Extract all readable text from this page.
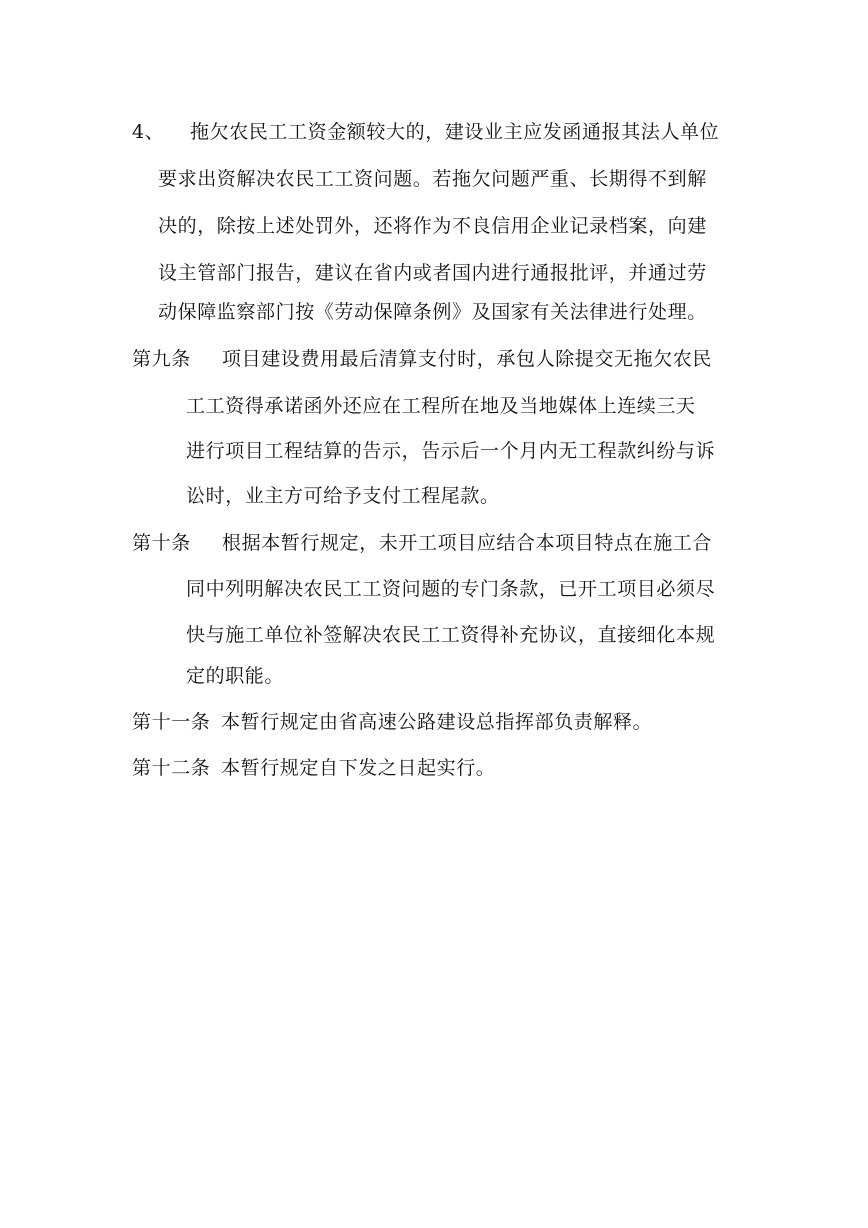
4、 拖欠农民工工资金额较大的，建设业主应发函通报其法人单位
要求出资解决农民工工资问题。若拖欠问题严重、长期得不到解
决的，除按上述处罚外，还将作为不良信用企业记录档案，向建
设主管部门报告，建议在省内或者国内进行通报批评，并通过劳
动保障监察部门按《劳动保障条例》及国家有关法律进行处理。
第九条 项目建设费用最后清算支付时，承包人除提交无拖欠农民
工工资得承诺函外还应在工程所在地及当地媒体上连续三天
进行项目工程结算的告示，告示后一个月内无工程款纠纷与诉
讼时，业主方可给予支付工程尾款。
第十条 根据本暂行规定，未开工项目应结合本项目特点在施工合
同中列明解决农民工工资问题的专门条款，已开工项目必须尽
快与施工单位补签解决农民工工资得补充协议，直接细化本规
定的职能。
第十一条 本暂行规定由省高速公路建设总指挥部负责解释。
第十二条 本暂行规定自下发之日起实行。
